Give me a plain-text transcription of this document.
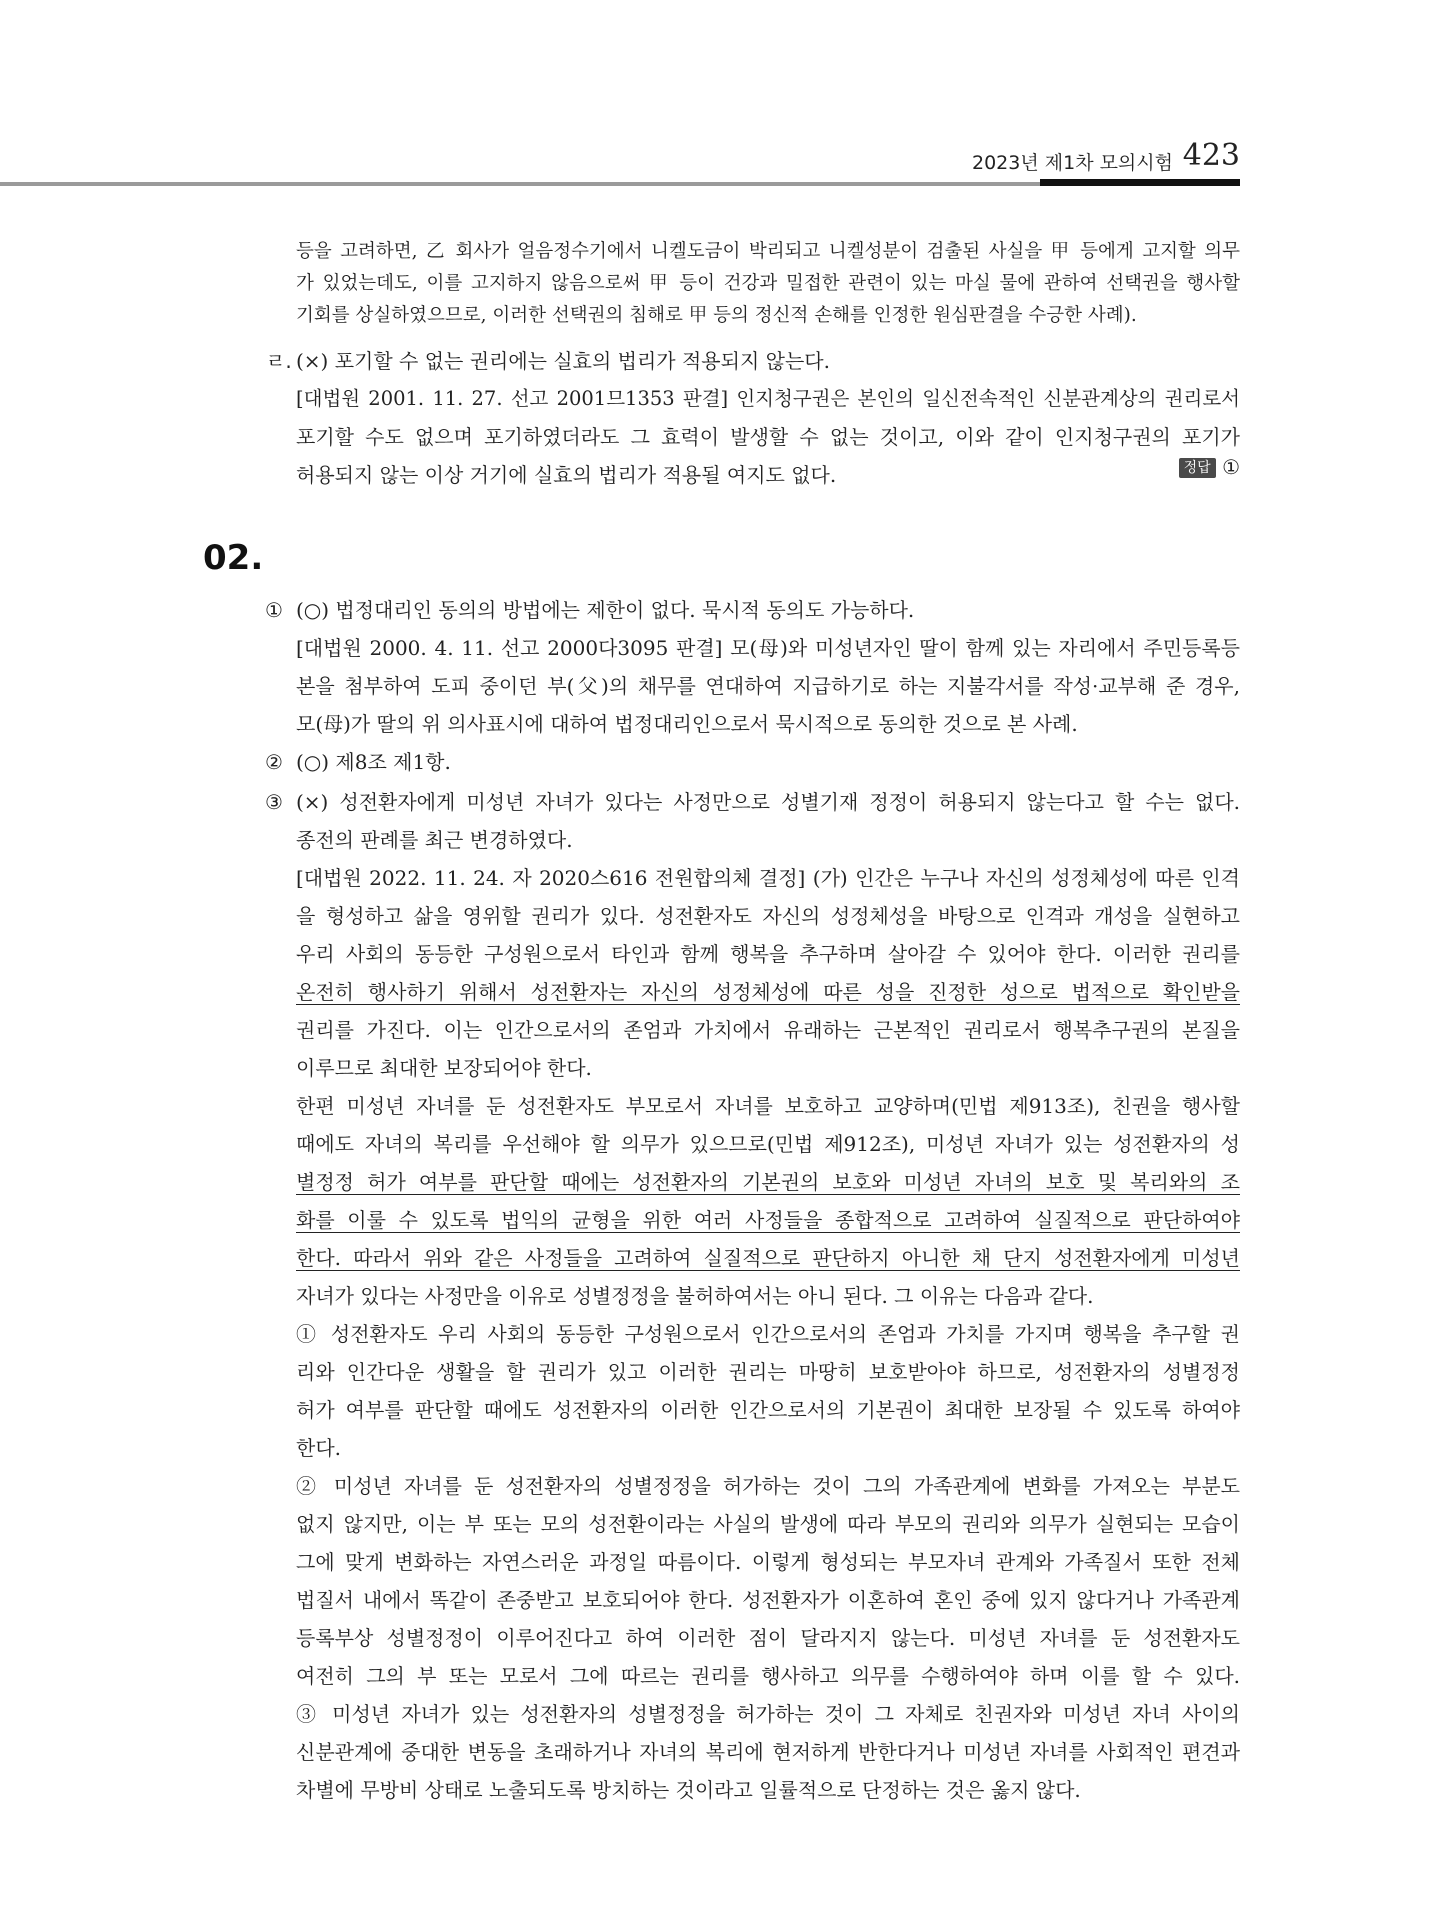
2023년 제1차 모의시험 423
등을 고려하면, 乙 회사가 얼음정수기에서 니켈도금이 박리되고 니켈성분이 검출된 사실을 甲 등에게 고지할 의무
가 있었는데도, 이를 고지하지 않음으로써 甲 등이 건강과 밀접한 관련이 있는 마실 물에 관하여 선택권을 행사할
기회를 상실하였으므로, 이러한 선택권의 침해로 甲 등의 정신적 손해를 인정한 원심판결을 수긍한 사례).
ㄹ. (×) 포기할 수 없는 권리에는 실효의 법리가 적용되지 않는다.
[대법원 2001. 11. 27. 선고 2001므1353 판결] 인지청구권은 본인의 일신전속적인 신분관계상의 권리로서
포기할 수도 없으며 포기하였더라도 그 효력이 발생할 수 없는 것이고, 이와 같이 인지청구권의 포기가
허용되지 않는 이상 거기에 실효의 법리가 적용될 여지도 없다.	정답 ①
02.
① (○) 법정대리인 동의의 방법에는 제한이 없다. 묵시적 동의도 가능하다.
[대법원 2000. 4. 11. 선고 2000다3095 판결] 모(母)와 미성년자인 딸이 함께 있는 자리에서 주민등록등
본을 첨부하여 도피 중이던 부(父)의 채무를 연대하여 지급하기로 하는 지불각서를 작성·교부해 준 경우,
모(母)가 딸의 위 의사표시에 대하여 법정대리인으로서 묵시적으로 동의한 것으로 본 사례.
② (○) 제8조 제1항.
③ (×) 성전환자에게 미성년 자녀가 있다는 사정만으로 성별기재 정정이 허용되지 않는다고 할 수는 없다.
종전의 판례를 최근 변경하였다.
[대법원 2022. 11. 24. 자 2020스616 전원합의체 결정] (가) 인간은 누구나 자신의 성정체성에 따른 인격
을 형성하고 삶을 영위할 권리가 있다. 성전환자도 자신의 성정체성을 바탕으로 인격과 개성을 실현하고
우리 사회의 동등한 구성원으로서 타인과 함께 행복을 추구하며 살아갈 수 있어야 한다. 이러한 권리를
온전히 행사하기 위해서 성전환자는 자신의 성정체성에 따른 성을 진정한 성으로 법적으로 확인받을
권리를 가진다. 이는 인간으로서의 존엄과 가치에서 유래하는 근본적인 권리로서 행복추구권의 본질을
이루므로 최대한 보장되어야 한다.
한편 미성년 자녀를 둔 성전환자도 부모로서 자녀를 보호하고 교양하며(민법 제913조), 친권을 행사할
때에도 자녀의 복리를 우선해야 할 의무가 있으므로(민법 제912조), 미성년 자녀가 있는 성전환자의 성
별정정 허가 여부를 판단할 때에는 성전환자의 기본권의 보호와 미성년 자녀의 보호 및 복리와의 조
화를 이룰 수 있도록 법익의 균형을 위한 여러 사정들을 종합적으로 고려하여 실질적으로 판단하여야
한다. 따라서 위와 같은 사정들을 고려하여 실질적으로 판단하지 아니한 채 단지 성전환자에게 미성년
자녀가 있다는 사정만을 이유로 성별정정을 불허하여서는 아니 된다. 그 이유는 다음과 같다.
① 성전환자도 우리 사회의 동등한 구성원으로서 인간으로서의 존엄과 가치를 가지며 행복을 추구할 권
리와 인간다운 생활을 할 권리가 있고 이러한 권리는 마땅히 보호받아야 하므로, 성전환자의 성별정정
허가 여부를 판단할 때에도 성전환자의 이러한 인간으로서의 기본권이 최대한 보장될 수 있도록 하여야
한다.
② 미성년 자녀를 둔 성전환자의 성별정정을 허가하는 것이 그의 가족관계에 변화를 가져오는 부분도
없지 않지만, 이는 부 또는 모의 성전환이라는 사실의 발생에 따라 부모의 권리와 의무가 실현되는 모습이
그에 맞게 변화하는 자연스러운 과정일 따름이다. 이렇게 형성되는 부모자녀 관계와 가족질서 또한 전체
법질서 내에서 똑같이 존중받고 보호되어야 한다. 성전환자가 이혼하여 혼인 중에 있지 않다거나 가족관계
등록부상 성별정정이 이루어진다고 하여 이러한 점이 달라지지 않는다. 미성년 자녀를 둔 성전환자도
여전히 그의 부 또는 모로서 그에 따르는 권리를 행사하고 의무를 수행하여야 하며 이를 할 수 있다.
③ 미성년 자녀가 있는 성전환자의 성별정정을 허가하는 것이 그 자체로 친권자와 미성년 자녀 사이의
신분관계에 중대한 변동을 초래하거나 자녀의 복리에 현저하게 반한다거나 미성년 자녀를 사회적인 편견과
차별에 무방비 상태로 노출되도록 방치하는 것이라고 일률적으로 단정하는 것은 옳지 않다.
